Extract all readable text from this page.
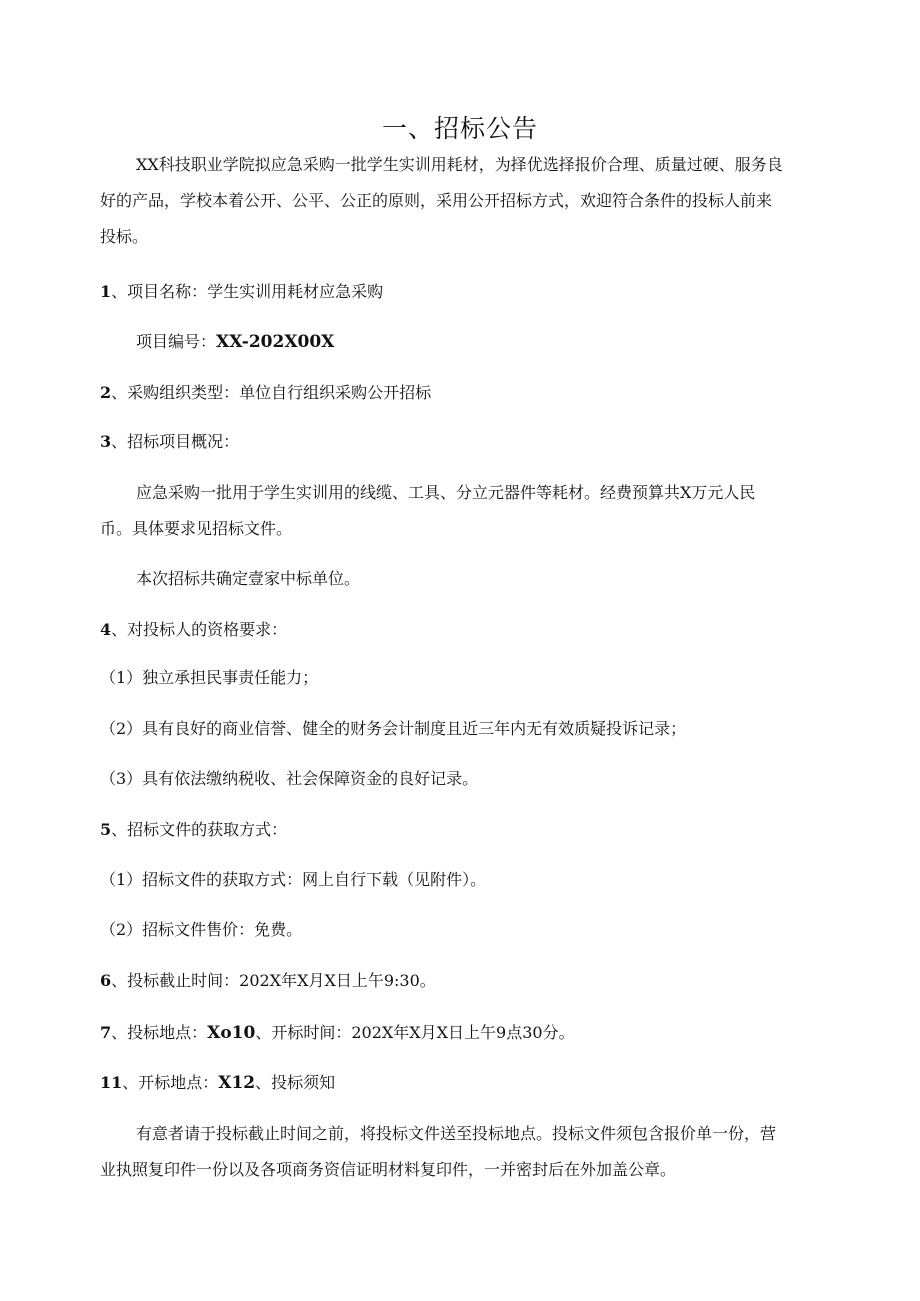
一、招标公告
XX科技职业学院拟应急采购一批学生实训用耗材，为择优选择报价合理、质量过硬、服务良
好的产品，学校本着公开、公平、公正的原则，采用公开招标方式，欢迎符合条件的投标人前来
投标。
1、项目名称：学生实训用耗材应急采购
项目编号：XX-202X00X
2、采购组织类型：单位自行组织采购公开招标
3、招标项目概况：
应急采购一批用于学生实训用的线缆、工具、分立元器件等耗材。经费预算共X万元人民
币。具体要求见招标文件。
本次招标共确定壹家中标单位。
4、对投标人的资格要求：
（1）独立承担民事责任能力；
（2）具有良好的商业信誉、健全的财务会计制度且近三年内无有效质疑投诉记录；
（3）具有依法缴纳税收、社会保障资金的良好记录。
5、招标文件的获取方式：
（1）招标文件的获取方式：网上自行下载（见附件）。
（2）招标文件售价：免费。
6、投标截止时间：202X年X月X日上午9:30。
7、投标地点：Xo10、开标时间：202X年X月X日上午9点30分。
11、开标地点：X12、投标须知
有意者请于投标截止时间之前，将投标文件送至投标地点。投标文件须包含报价单一份，营
业执照复印件一份以及各项商务资信证明材料复印件，一并密封后在外加盖公章。
